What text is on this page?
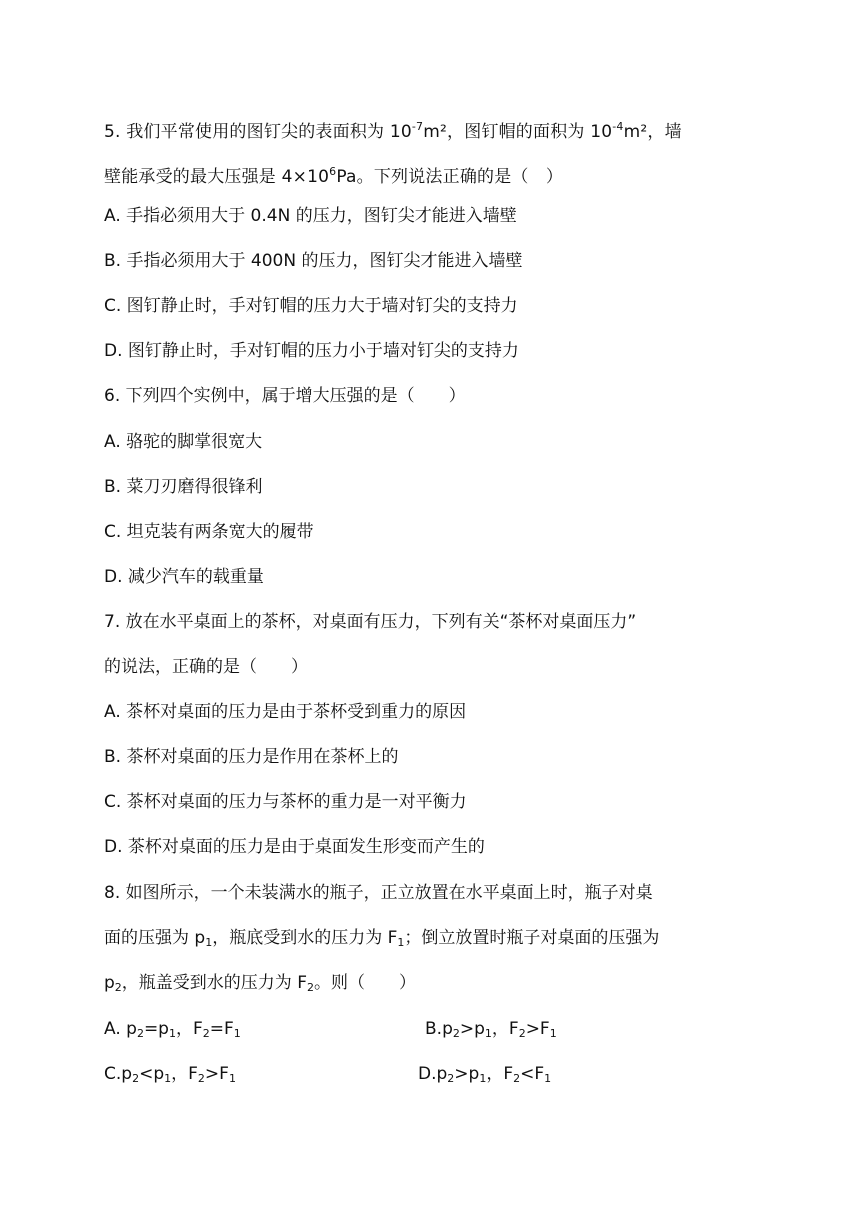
5. 我们平常使用的图钉尖的表面积为 $10^{-7}m^2$，图钉帽的面积为 $10^{-4}m^2$，墙
壁能承受的最大压强是 $4\times 10^6Pa$。下列说法正确的是（　）
A. 手指必须用大于 0.4N 的压力，图钉尖才能进入墙壁
B. 手指必须用大于 400N 的压力，图钉尖才能进入墙壁
C. 图钉静止时，手对钉帽的压力大于墙对钉尖的支持力
D. 图钉静止时，手对钉帽的压力小于墙对钉尖的支持力
6. 下列四个实例中，属于增大压强的是（　　）
A. 骆驼的脚掌很宽大
B. 菜刀刃磨得很锋利
C. 坦克装有两条宽大的履带
D. 减少汽车的载重量
7. 放在水平桌面上的茶杯，对桌面有压力，下列有关“茶杯对桌面压力”
的说法，正确的是（　　）
A. 茶杯对桌面的压力是由于茶杯受到重力的原因
B. 茶杯对桌面的压力是作用在茶杯上的
C. 茶杯对桌面的压力与茶杯的重力是一对平衡力
D. 茶杯对桌面的压力是由于桌面发生形变而产生的
8. 如图所示，一个未装满水的瓶子，正立放置在水平桌面上时，瓶子对桌
面的压强为 $p_1$，瓶底受到水的压力为 $F_1$；倒立放置时瓶子对桌面的压强为
$p_2$，瓶盖受到水的压力为 $F_2$。则（　　）
A. $p_2=p_1$，$F_2=F_1$	$B.p_2>p_1$，$F_2>F_1$
$C.p_2<p_1$，$F_2>F_1$	$D.p_2>p_1$，$F_2<F_1$
